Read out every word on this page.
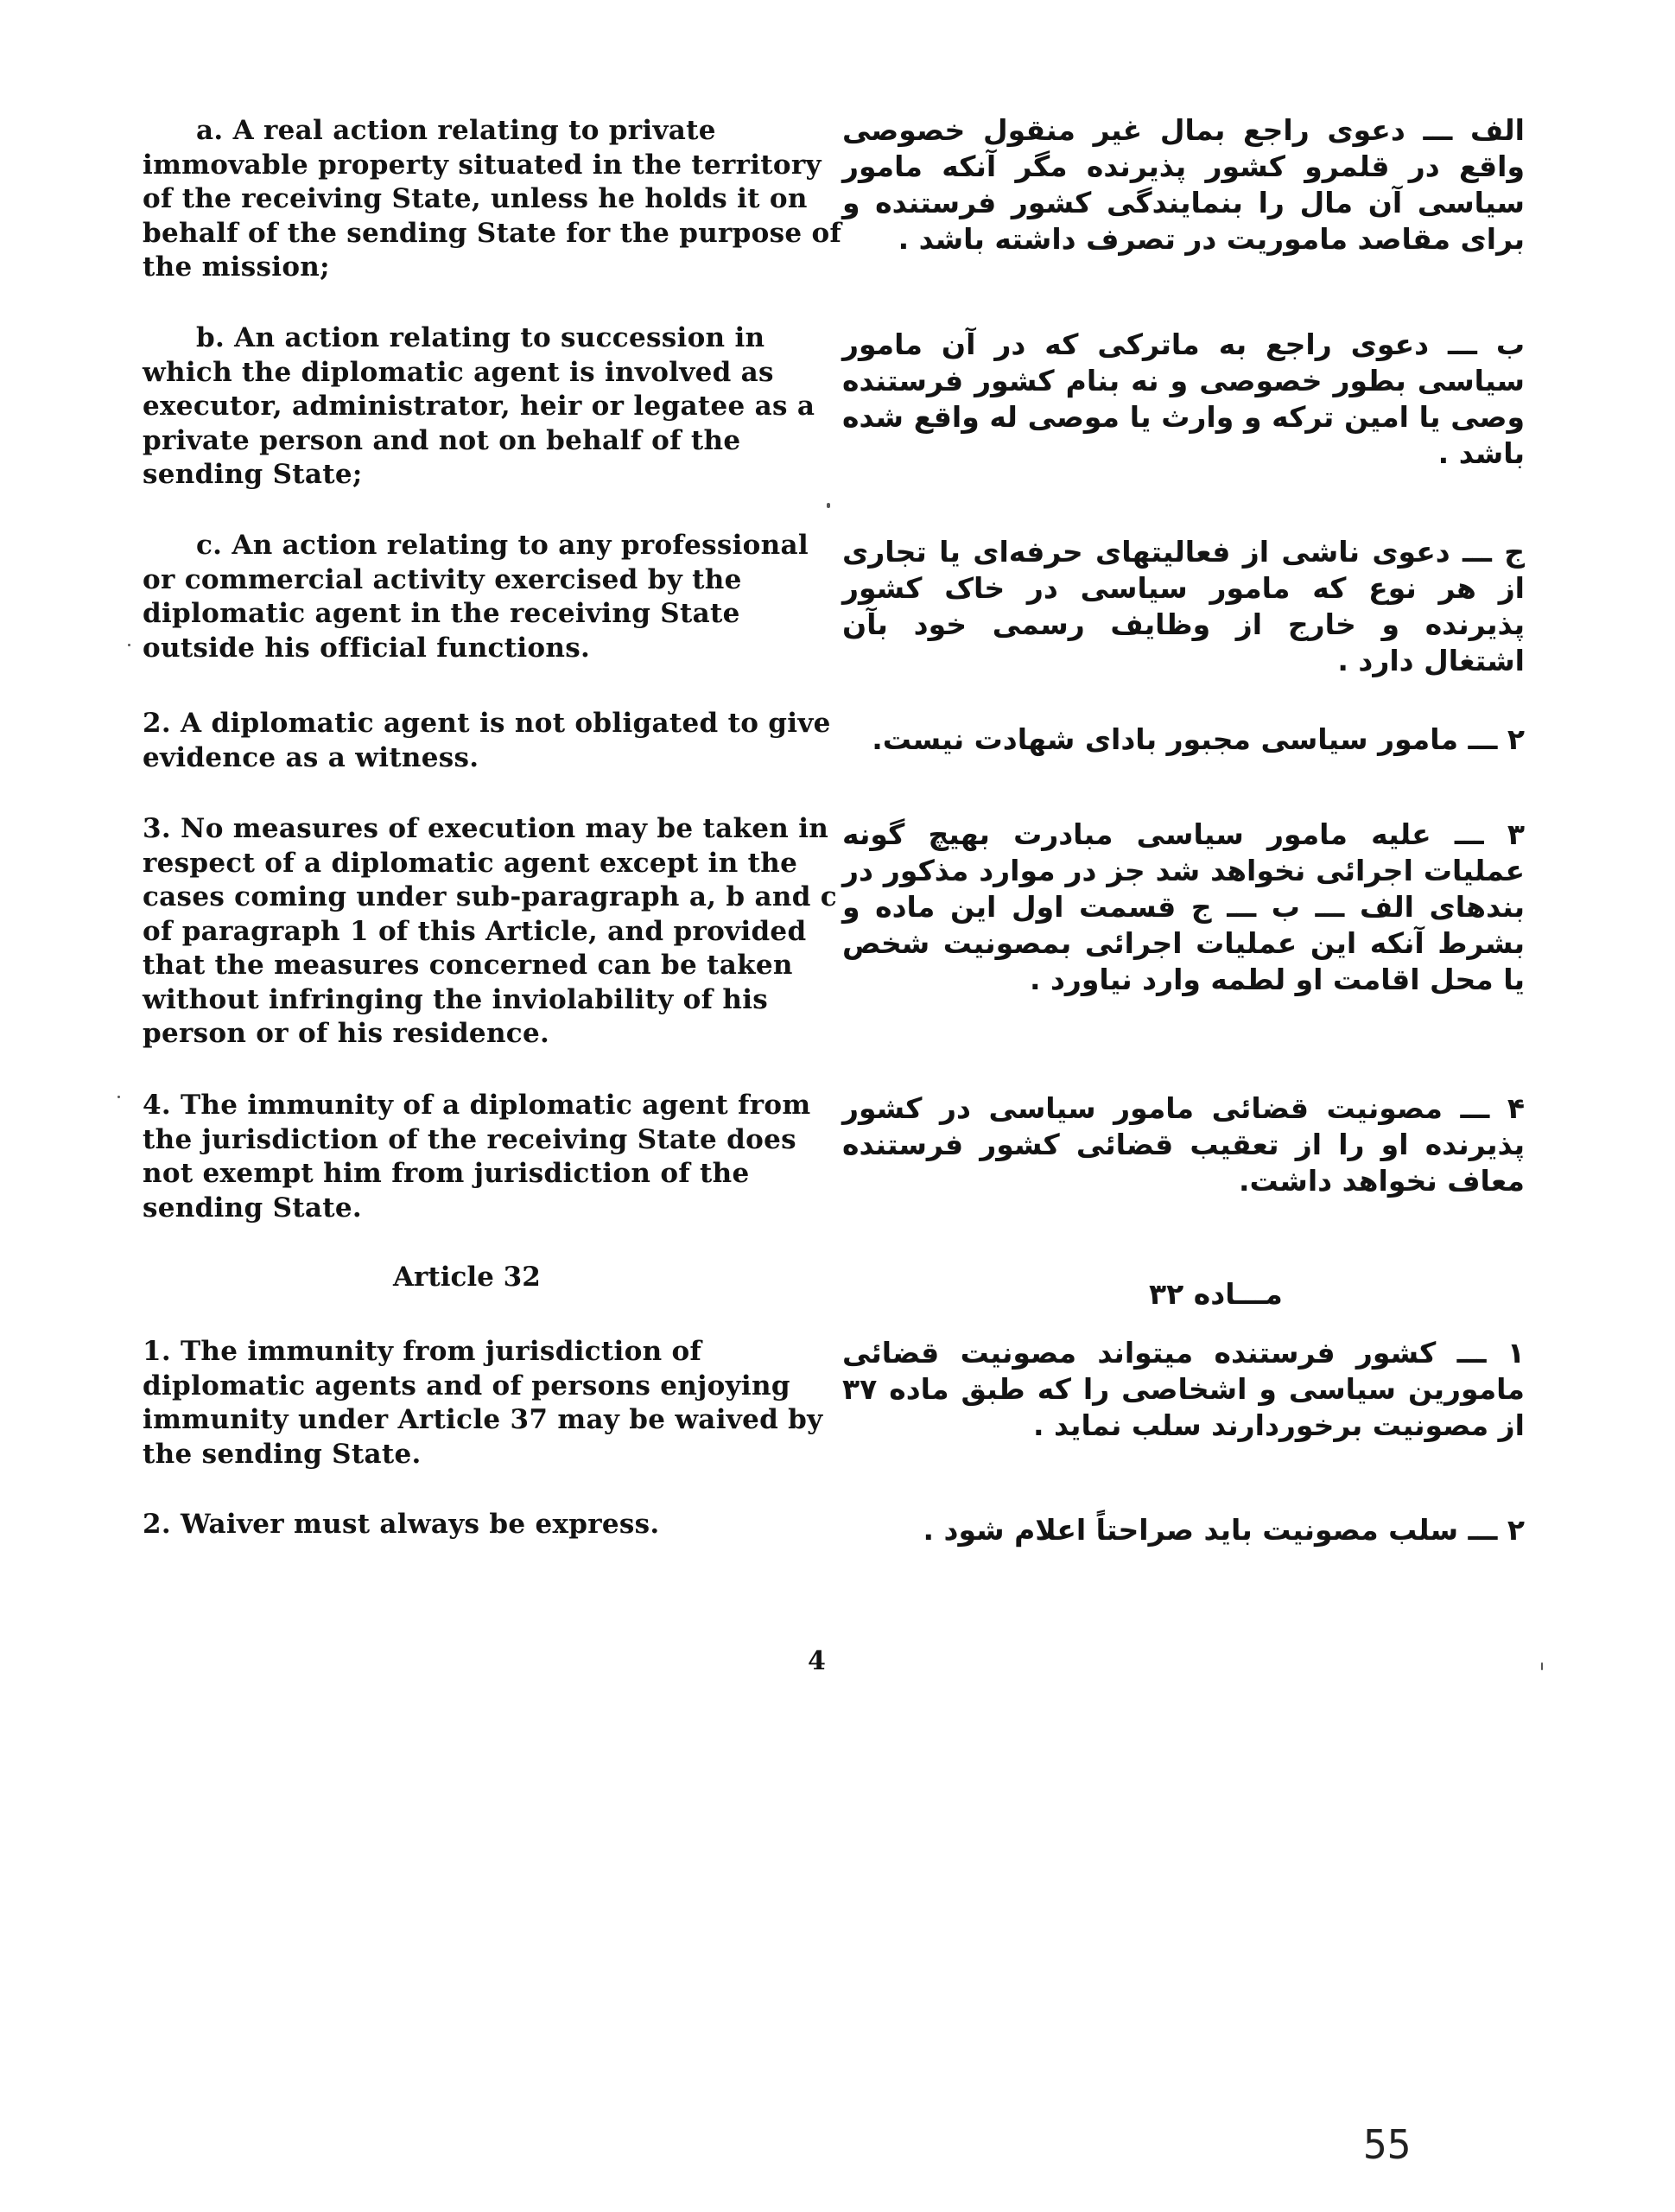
a. A real action relating to private immovable property situated in the territory of the receiving State, unless he holds it on behalf of the sending State for the purpose of the mission;
b. An action relating to succession in which the diplomatic agent is involved as executor, administrator, heir or legatee as a private person and not on behalf of the sending State;
c. An action relating to any professional or commercial activity exercised by the diplomatic agent in the receiving State outside his official functions.
2. A diplomatic agent is not obligated to give evidence as a witness.
3. No measures of execution may be taken in respect of a diplomatic agent except in the cases coming under sub-paragraph a, b and c of paragraph 1 of this Article, and provided that the measures concerned can be taken without infringing the inviolability of his person or of his residence.
4. The immunity of a diplomatic agent from the jurisdiction of the receiving State does not exempt him from jurisdiction of the sending State.
Article 32
1. The immunity from jurisdiction of diplomatic agents and of persons enjoying immunity under Article 37 may be waived by the sending State.
2. Waiver must always be express.
الف ـــ دعوی راجع بمال غیر منقول خصوصی واقع در قلمرو کشور پذیرنده مگر آنکه مامور سیاسی آن مال را بنمایندگی کشور فرستنده و برای مقاصد ماموریت در تصرف داشته باشد .
ب ـــ دعوی راجع به ماترکی که در آن مامور سیاسی بطور خصوصی و نه بنام کشور فرستنده وصی یا امین ترکه و وارث یا موصی له واقع شده باشد .
ج ـــ دعوی ناشی از فعالیتهای حرفه‌ای یا تجاری از هر نوع که مامور سیاسی در خاک کشور پذیرنده و خارج از وظایف رسمی خود بآن اشتغال دارد .
۲ ـــ مامور سیاسی مجبور بادای شهادت نیست.
۳ ـــ علیه مامور سیاسی مبادرت بهیچ گونه عملیات اجرائی نخواهد شد جز در موارد مذکور در بندهای الف ـــ ب ـــ ج قسمت اول این ماده و بشرط آنکه این عملیات اجرائی بمصونیت شخص یا محل اقامت او لطمه وارد نیاورد .
۴ ـــ مصونیت قضائی مامور سیاسی در کشور پذیرنده او را از تعقیب قضائی کشور فرستنده معاف نخواهد داشت.
مـــاده ۳۲
۱ ـــ کشور فرستنده میتواند مصونیت قضائی مامورین سیاسی و اشخاصی را که طبق ماده ۳۷ از مصونیت برخوردارند سلب نماید .
۲ ـــ سلب مصونیت باید صراحتاً اعلام شود .
4
55
